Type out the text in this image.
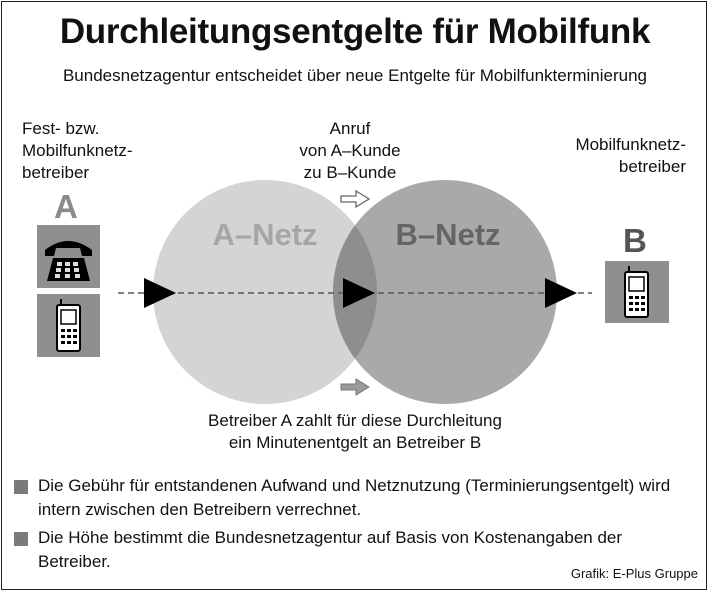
Durchleitungsentgelte für Mobilfunk
Bundesnetzagentur entscheidet über neue Entgelte für Mobilfunkterminierung
A–Netz	B–Netz
Fest- bzw.
Mobilfunknetz-
betreiber
A
Mobilfunknetz-
betreiber
B
Anruf
von A–Kunde
zu B–Kunde
Betreiber A zahlt für diese Durchleitung
ein Minutenentgelt an Betreiber B
Die Gebühr für entstandenen Aufwand und Netznutzung (Terminierungsentgelt) wird intern zwischen den Betreibern verrechnet.
Die Höhe bestimmt die Bundesnetzagentur auf Basis von Kostenangaben der Betreiber.
Grafik: E-Plus Gruppe
